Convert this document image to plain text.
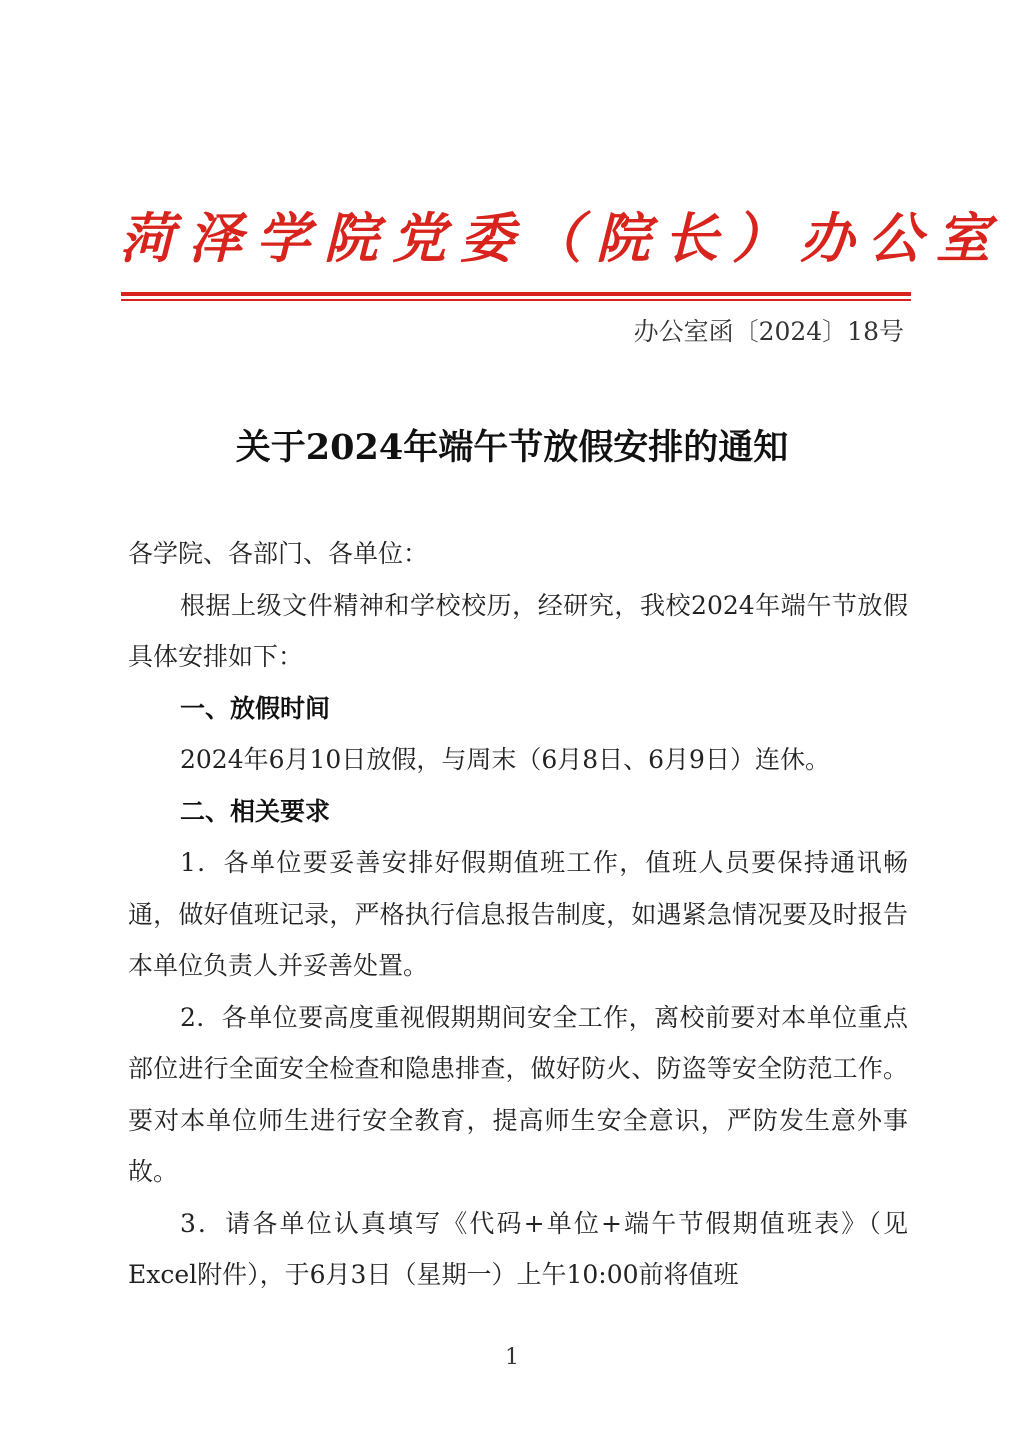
菏泽学院党委（院长）办公室
办公室函〔2024〕18号
关于2024年端午节放假安排的通知

各学院、各部门、各单位：

根据上级文件精神和学校校历，经研究，我校2024年端午节放假具体安排如下：

一、放假时间

2024年6月10日放假，与周末（6月8日、6月9日）连休。

二、相关要求

1．各单位要妥善安排好假期值班工作，值班人员要保持通讯畅通，做好值班记录，严格执行信息报告制度，如遇紧急情况要及时报告本单位负责人并妥善处置。

2．各单位要高度重视假期期间安全工作，离校前要对本单位重点部位进行全面安全检查和隐患排查，做好防火、防盗等安全防范工作。要对本单位师生进行安全教育，提高师生安全意识，严防发生意外事故。

3．请各单位认真填写《代码+单位+端午节假期值班表》（见Excel附件），于6月3日（星期一）上午10:00前将值班

1
